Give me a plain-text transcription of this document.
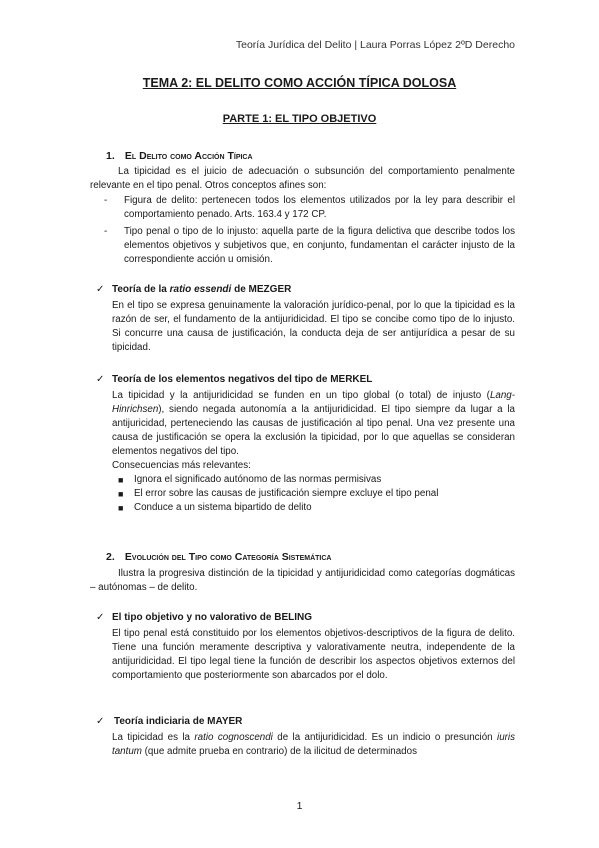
Teoría Jurídica del Delito | Laura Porras López 2ºD Derecho
TEMA 2: EL DELITO COMO ACCIÓN TÍPICA DOLOSA
PARTE 1: EL TIPO OBJETIVO
1. El Delito como Acción Típica

La tipicidad es el juicio de adecuación o subsunción del comportamiento penalmente relevante en el tipo penal. Otros conceptos afines son:

- Figura de delito: pertenecen todos los elementos utilizados por la ley para describir el comportamiento penado. Arts. 163.4 y 172 CP.
- Tipo penal o tipo de lo injusto: aquella parte de la figura delictiva que describe todos los elementos objetivos y subjetivos que, en conjunto, fundamentan el carácter injusto de la correspondiente acción u omisión.
✓ Teoría de la ratio essendi de MEZGER

En el tipo se expresa genuinamente la valoración jurídico-penal, por lo que la tipicidad es la razón de ser, el fundamento de la antijuridicidad. El tipo se concibe como tipo de lo injusto. Si concurre una causa de justificación, la conducta deja de ser antijurídica a pesar de su tipicidad.

✓ Teoría de los elementos negativos del tipo de MERKEL

La tipicidad y la antijuridicidad se funden en un tipo global (o total) de injusto (Lang-Hinrichsen), siendo negada autonomía a la antijuridicidad. El tipo siempre da lugar a la antijuricidad, perteneciendo las causas de justificación al tipo penal. Una vez presente una causa de justificación se opera la exclusión la tipicidad, por lo que aquellas se consideran elementos negativos del tipo.

Consecuencias más relevantes:

■ Ignora el significado autónomo de las normas permisivas
■ El error sobre las causas de justificación siempre excluye el tipo penal
■ Conduce a un sistema bipartido de delito
2. Evolución del Tipo como Categoría Sistemática

Ilustra la progresiva distinción de la tipicidad y antijuridicidad como categorías dogmáticas – autónomas – de delito.

✓ El tipo objetivo y no valorativo de BELING

El tipo penal está constituido por los elementos objetivos-descriptivos de la figura de delito. Tiene una función meramente descriptiva y valorativamente neutra, independente de la antijuridicidad. El tipo legal tiene la función de describir los aspectos objetivos externos del comportamiento que posteriormente son abarcados por el dolo.

✓ Teoría indiciaria de MAYER

La tipicidad es la ratio cognoscendi de la antijuridicidad. Es un indicio o presunción iuris tantum (que admite prueba en contrario) de la ilicitud de determinados

1
